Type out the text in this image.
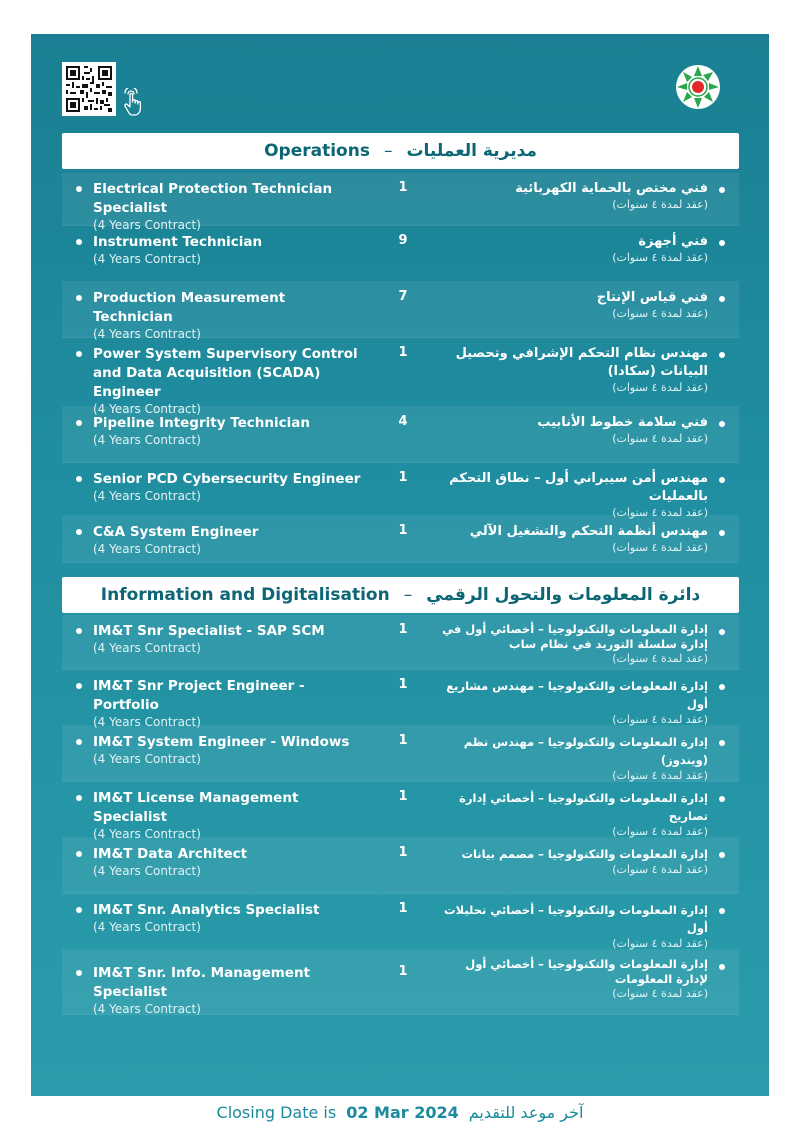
Operations – مديرية العمليات
Electrical Protection Technician Specialist
(4 Years Contract)
1	فني مختص بالحماية الكهربائية
(عقد لمدة ٤ سنوات)
Instrument Technician
(4 Years Contract)
9	فني أجهزة
(عقد لمدة ٤ سنوات)
Production Measurement Technician
(4 Years Contract)
7	فني قياس الإنتاج
(عقد لمدة ٤ سنوات)
Power System Supervisory Control and Data Acquisition (SCADA) Engineer
(4 Years Contract)
1	مهندس نظام التحكم الإشرافي وتحصيل البيانات (سكادا)
(عقد لمدة ٤ سنوات)
Pipeline Integrity Technician
(4 Years Contract)
4	فني سلامة خطوط الأنابيب
(عقد لمدة ٤ سنوات)
Senior PCD Cybersecurity Engineer
(4 Years Contract)
1	مهندس أمن سيبراني أول – نطاق التحكم بالعمليات
(عقد لمدة ٤ سنوات)
C&A System Engineer
(4 Years Contract)
1	مهندس أنظمة التحكم والتشغيل الآلي
(عقد لمدة ٤ سنوات)
Information and Digitalisation – دائرة المعلومات والتحول الرقمي
IM&T Snr Specialist - SAP SCM
(4 Years Contract)
1	إدارة المعلومات والتكنولوجيا – أخصائي أول في إدارة سلسلة التوريد في نظام ساب
(عقد لمدة ٤ سنوات)
IM&T Snr Project Engineer - Portfolio
(4 Years Contract)
1	إدارة المعلومات والتكنولوجيا – مهندس مشاريع أول
(عقد لمدة ٤ سنوات)
IM&T System Engineer - Windows
(4 Years Contract)
1	إدارة المعلومات والتكنولوجيا – مهندس نظم (ويندوز)
(عقد لمدة ٤ سنوات)
IM&T License Management Specialist
(4 Years Contract)
1	إدارة المعلومات والتكنولوجيا – أخصائي إدارة تصاريح
(عقد لمدة ٤ سنوات)
IM&T Data Architect
(4 Years Contract)
1	إدارة المعلومات والتكنولوجيا – مصمم بيانات
(عقد لمدة ٤ سنوات)
IM&T Snr. Analytics Specialist
(4 Years Contract)
1	إدارة المعلومات والتكنولوجيا – أخصائي تحليلات أول
(عقد لمدة ٤ سنوات)
IM&T Snr. Info. Management Specialist
(4 Years Contract)
1	إدارة المعلومات والتكنولوجيا – أخصائي أول لإدارة المعلومات
(عقد لمدة ٤ سنوات)
Closing Date is 02 Mar 2024 آخر موعد للتقديم
